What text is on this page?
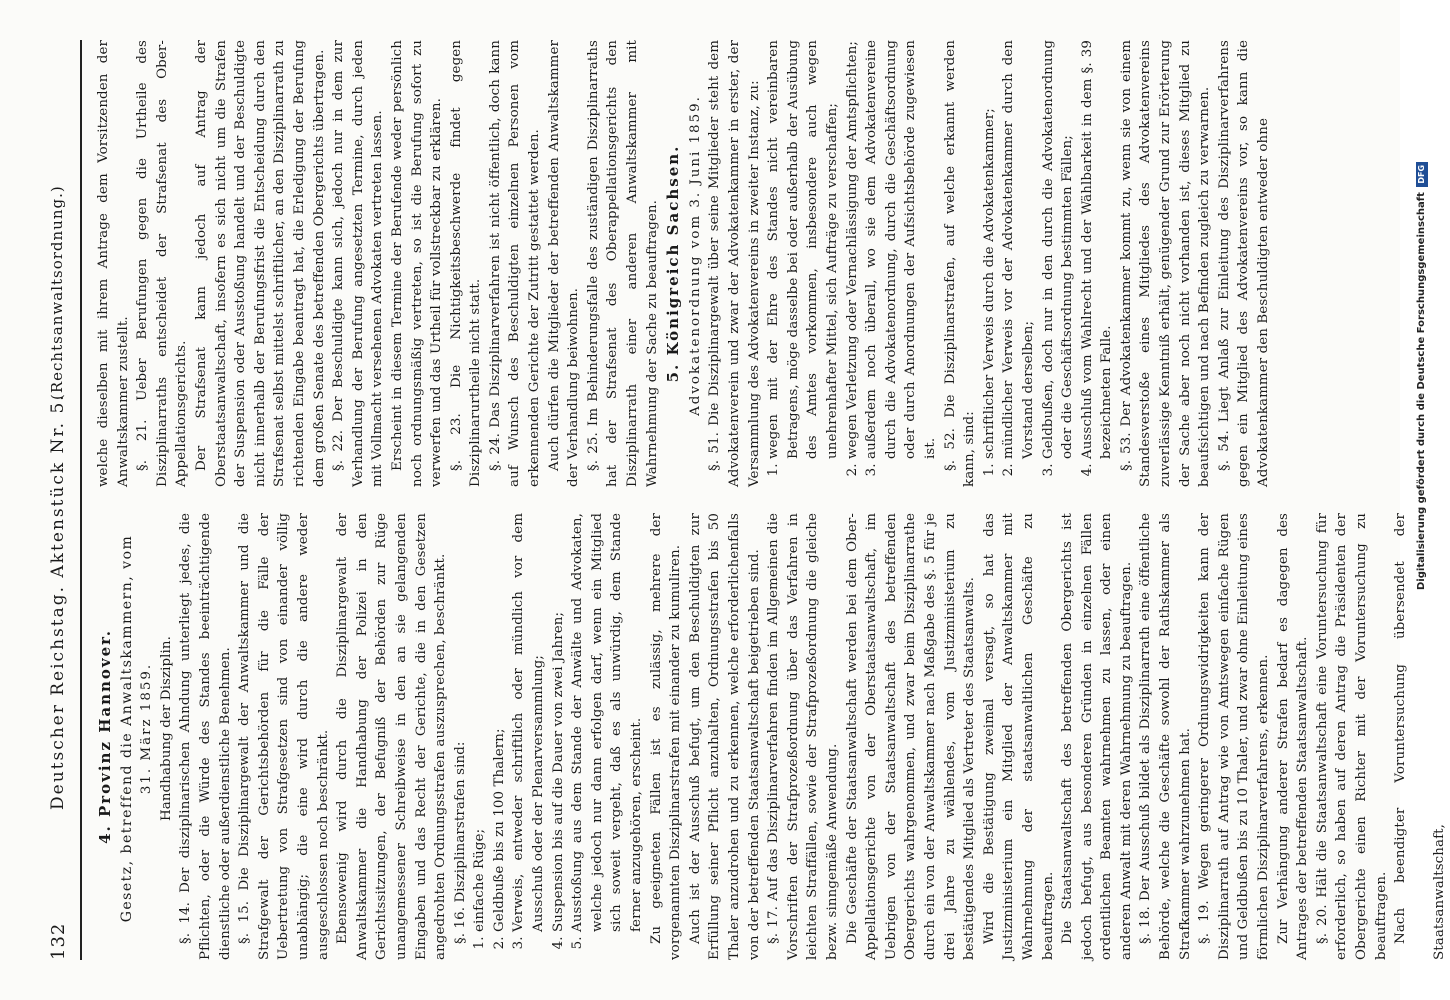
132
Deutscher Reichstag. Aktenstück Nr. 5.
(Rechtsanwaltsordnung.)
4. Provinz Hannover. Gesetz, betreffend die Anwaltskammern, vom 31. März 1859. Handhabung der Disziplin. §. 14. Der disziplinarischen Ahndung unterliegt jedes, die Pflichten, oder die Würde des Standes beeinträchtigende dienstliche oder außerdienstliche Benehmen. §. 15. Die Disziplinargewalt der Anwaltskammer und die Strafgewalt der Gerichtsbehörden für die Fälle der Uebertretung von Strafgesetzen sind von einander völlig unabhängig; die eine wird durch die andere weder ausgeschlossen noch beschränkt. Ebensowenig wird durch die Disziplinargewalt der Anwaltskammer die Handhabung der Polizei in den Gerichtssitzungen, der Befugniß der Behörden zur Rüge unangemessener Schreibweise in den an sie gelangenden Eingaben und das Recht der Gerichte, die in den Gesetzen angedrohten Ordnungsstrafen auszusprechen, beschränkt. §. 16. Disziplinarstrafen sind: 1. einfache Rüge; 2. Geldbuße bis zu 100 Thalern; 3. Verweis, entweder schriftlich oder mündlich vor dem Ausschuß oder der Plenarversammlung; 4. Suspension bis auf die Dauer von zwei Jahren; 5. Ausstoßung aus dem Stande der Anwälte und Advokaten, welche jedoch nur dann erfolgen darf, wenn ein Mitglied sich soweit vergeht, daß es als unwürdig, dem Stande ferner anzugehören, erscheint. Zu geeigneten Fällen ist es zulässig, mehrere der vorgenannten Disziplinarstrafen mit einander zu kumuliren. Auch ist der Ausschuß befugt, um den Beschuldigten zur Erfüllung seiner Pflicht anzuhalten, Ordnungsstrafen bis 50 Thaler anzudrohen und zu erkennen, welche erforderlichenfalls von der betreffenden Staatsanwaltschaft beigetrieben sind. §. 17. Auf das Disziplinarverfahren finden im Allgemeinen die Vorschriften der Strafprozeßordnung über das Verfahren in leichten Straffällen, sowie der Strafprozeßordnung die gleiche bezw. sinngemäße Anwendung. Die Geschäfte der Staatsanwaltschaft werden bei dem Ober-Appellationsgerichte von der Oberstaatsanwaltschaft, im Uebrigen von der Staatsanwaltschaft des betreffenden Obergerichts wahrgenommen, und zwar beim Disziplinarrathe durch ein von der Anwaltskammer nach Maßgabe des §. 5 für je drei Jahre zu wählendes, vom Justizministerium zu bestätigendes Mitglied als Vertreter des Staatsanwalts. Wird die Bestätigung zweimal versagt, so hat das Justizministerium ein Mitglied der Anwaltskammer mit Wahrnehmung der staatsanwaltlichen Geschäfte zu beauftragen. Die Staatsanwaltschaft des betreffenden Obergerichts ist jedoch befugt, aus besonderen Gründen in einzelnen Fällen ordentlichen Beamten wahrnehmen zu lassen, oder einen anderen Anwalt mit deren Wahrnehmung zu beauftragen. §. 18. Der Ausschuß bildet als Disziplinarrath eine öffentliche Behörde, welche die Geschäfte sowohl der Rathskammer als Strafkammer wahrzunehmen hat. §. 19. Wegen geringerer Ordnungswidrigkeiten kann der Disziplinarrath auf Antrag wie von Amtswegen einfache Rügen und Geldbußen bis zu 10 Thaler, und zwar ohne Einleitung eines förmlichen Disziplinarverfahrens, erkennen. Zur Verhängung anderer Strafen bedarf es dagegen des Antrages der betreffenden Staatsanwaltschaft. §. 20. Hält die Staatsanwaltschaft eine Voruntersuchung für erforderlich, so haben auf deren Antrag die Präsidenten der Obergerichte einen Richter mit der Voruntersuchung zu beauftragen. Nach beendigter Voruntersuchung übersendet der Staatsanwaltschaft,

welche dieselben mit ihrem Antrage dem Vorsitzenden der Anwaltskammer zustellt. §. 21. Ueber Berufungen gegen die Urtheile des Disziplinarraths entscheidet der Strafsenat des Ober-Appellationsgerichts. Der Strafsenat kann jedoch auf Antrag der Oberstaatsanwaltschaft, insofern es sich nicht um die Strafen der Suspension oder Ausstoßung handelt und der Beschuldigte nicht innerhalb der Berufungsfrist die Entscheidung durch den Strafsenat selbst mittelst schriftlicher, an den Disziplinarrath zu richtenden Eingabe beantragt hat, die Erledigung der Berufung dem großen Senate des betreffenden Obergerichts übertragen. §. 22. Der Beschuldigte kann sich, jedoch nur in dem zur Verhandlung der Berufung angesetzten Termine, durch jeden mit Vollmacht versehenen Advokaten vertreten lassen. Erscheint in diesem Termine der Berufende weder persönlich noch ordnungsmäßig vertreten, so ist die Berufung sofort zu verwerfen und das Urtheil für vollstreckbar zu erklären. §. 23. Die Nichtigkeitsbeschwerde findet gegen Disziplinarurtheile nicht statt. §. 24. Das Disziplinarverfahren ist nicht öffentlich, doch kann auf Wunsch des Beschuldigten einzelnen Personen vom erkennenden Gerichte der Zutritt gestattet werden. Auch dürfen die Mitglieder der betreffenden Anwaltskammer der Verhandlung beiwohnen. §. 25. Im Behinderungsfalle des zuständigen Disziplinarraths hat der Strafsenat des Oberappellationsgerichts den Disziplinarrath einer anderen Anwaltskammer mit Wahrnehmung der Sache zu beauftragen. 5. Königreich Sachsen. Advokatenordnung vom 3. Juni 1859. §. 51. Die Disziplinargewalt über seine Mitglieder steht dem Advokatenverein und zwar der Advokatenkammer in erster, der Versammlung des Advokatenvereins in zweiter Instanz, zu: 1. wegen mit der Ehre des Standes nicht vereinbaren Betragens, möge dasselbe bei oder außerhalb der Ausübung des Amtes vorkommen, insbesondere auch wegen unehrenhafter Mittel, sich Aufträge zu verschaffen; 2. wegen Verletzung oder Vernachlässigung der Amtspflichten; 3. außerdem noch überall, wo sie dem Advokatenvereine durch die Advokatenordnung, durch die Geschäftsordnung oder durch Anordnungen der Aufsichtsbehörde zugewiesen ist. §. 52. Die Disziplinarstrafen, auf welche erkannt werden kann, sind: 1. schriftlicher Verweis durch die Advokatenkammer; 2. mündlicher Verweis vor der Advokatenkammer durch den Vorstand derselben; 3. Geldbußen, doch nur in den durch die Advokatenordnung oder die Geschäftsordnung bestimmten Fällen; 4. Ausschluß vom Wahlrecht und der Wählbarkeit in dem §. 39 bezeichneten Falle. §. 53. Der Advokatenkammer kommt zu, wenn sie von einem Standesverstoße eines Mitgliedes des Advokatenvereins zuverlässige Kenntniß erhält, genügender Grund zur Erörterung der Sache aber noch nicht vorhanden ist, dieses Mitglied zu beaufsichtigen und nach Befinden zugleich zu verwarnen. §. 54. Liegt Anlaß zur Einleitung des Disziplinarverfahrens gegen ein Mitglied des Advokatenvereins vor, so kann die Advokatenkammer den Beschuldigten entweder ohne	Digitalisierung gefördert durch die Deutsche Forschungsgemeinschaft DFG
